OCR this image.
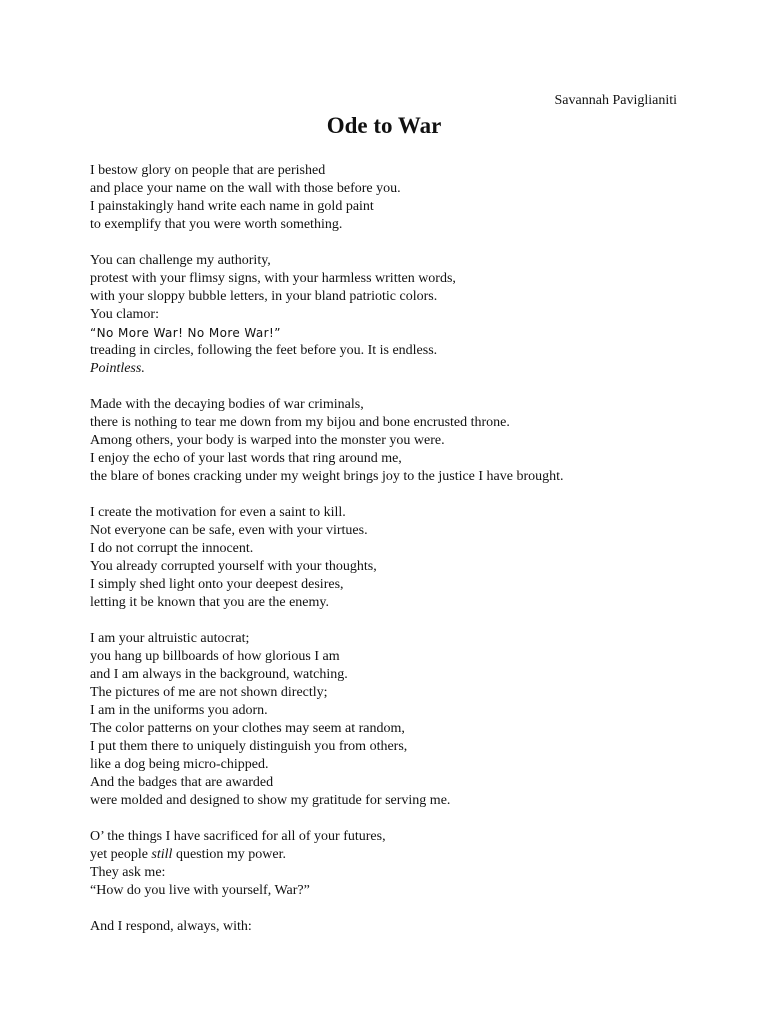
Savannah Paviglianiti
Ode to War
I bestow glory on people that are perished
and place your name on the wall with those before you.
I painstakingly hand write each name in gold paint
to exemplify that you were worth something.
You can challenge my authority,
protest with your flimsy signs, with your harmless written words,
with your sloppy bubble letters, in your bland patriotic colors.
You clamor:
“No More War! No More War!”
treading in circles, following the feet before you. It is endless.
Pointless.
Made with the decaying bodies of war criminals,
there is nothing to tear me down from my bijou and bone encrusted throne.
Among others, your body is warped into the monster you were.
I enjoy the echo of your last words that ring around me,
the blare of bones cracking under my weight brings joy to the justice I have brought.
I create the motivation for even a saint to kill.
Not everyone can be safe, even with your virtues.
I do not corrupt the innocent.
You already corrupted yourself with your thoughts,
I simply shed light onto your deepest desires,
letting it be known that you are the enemy.
I am your altruistic autocrat;
you hang up billboards of how glorious I am
and I am always in the background, watching.
The pictures of me are not shown directly;
I am in the uniforms you adorn.
The color patterns on your clothes may seem at random,
I put them there to uniquely distinguish you from others,
like a dog being micro-chipped.
And the badges that are awarded
were molded and designed to show my gratitude for serving me.
O’ the things I have sacrificed for all of your futures,
yet people still question my power.
They ask me:
“How do you live with yourself, War?”
And I respond, always, with:
